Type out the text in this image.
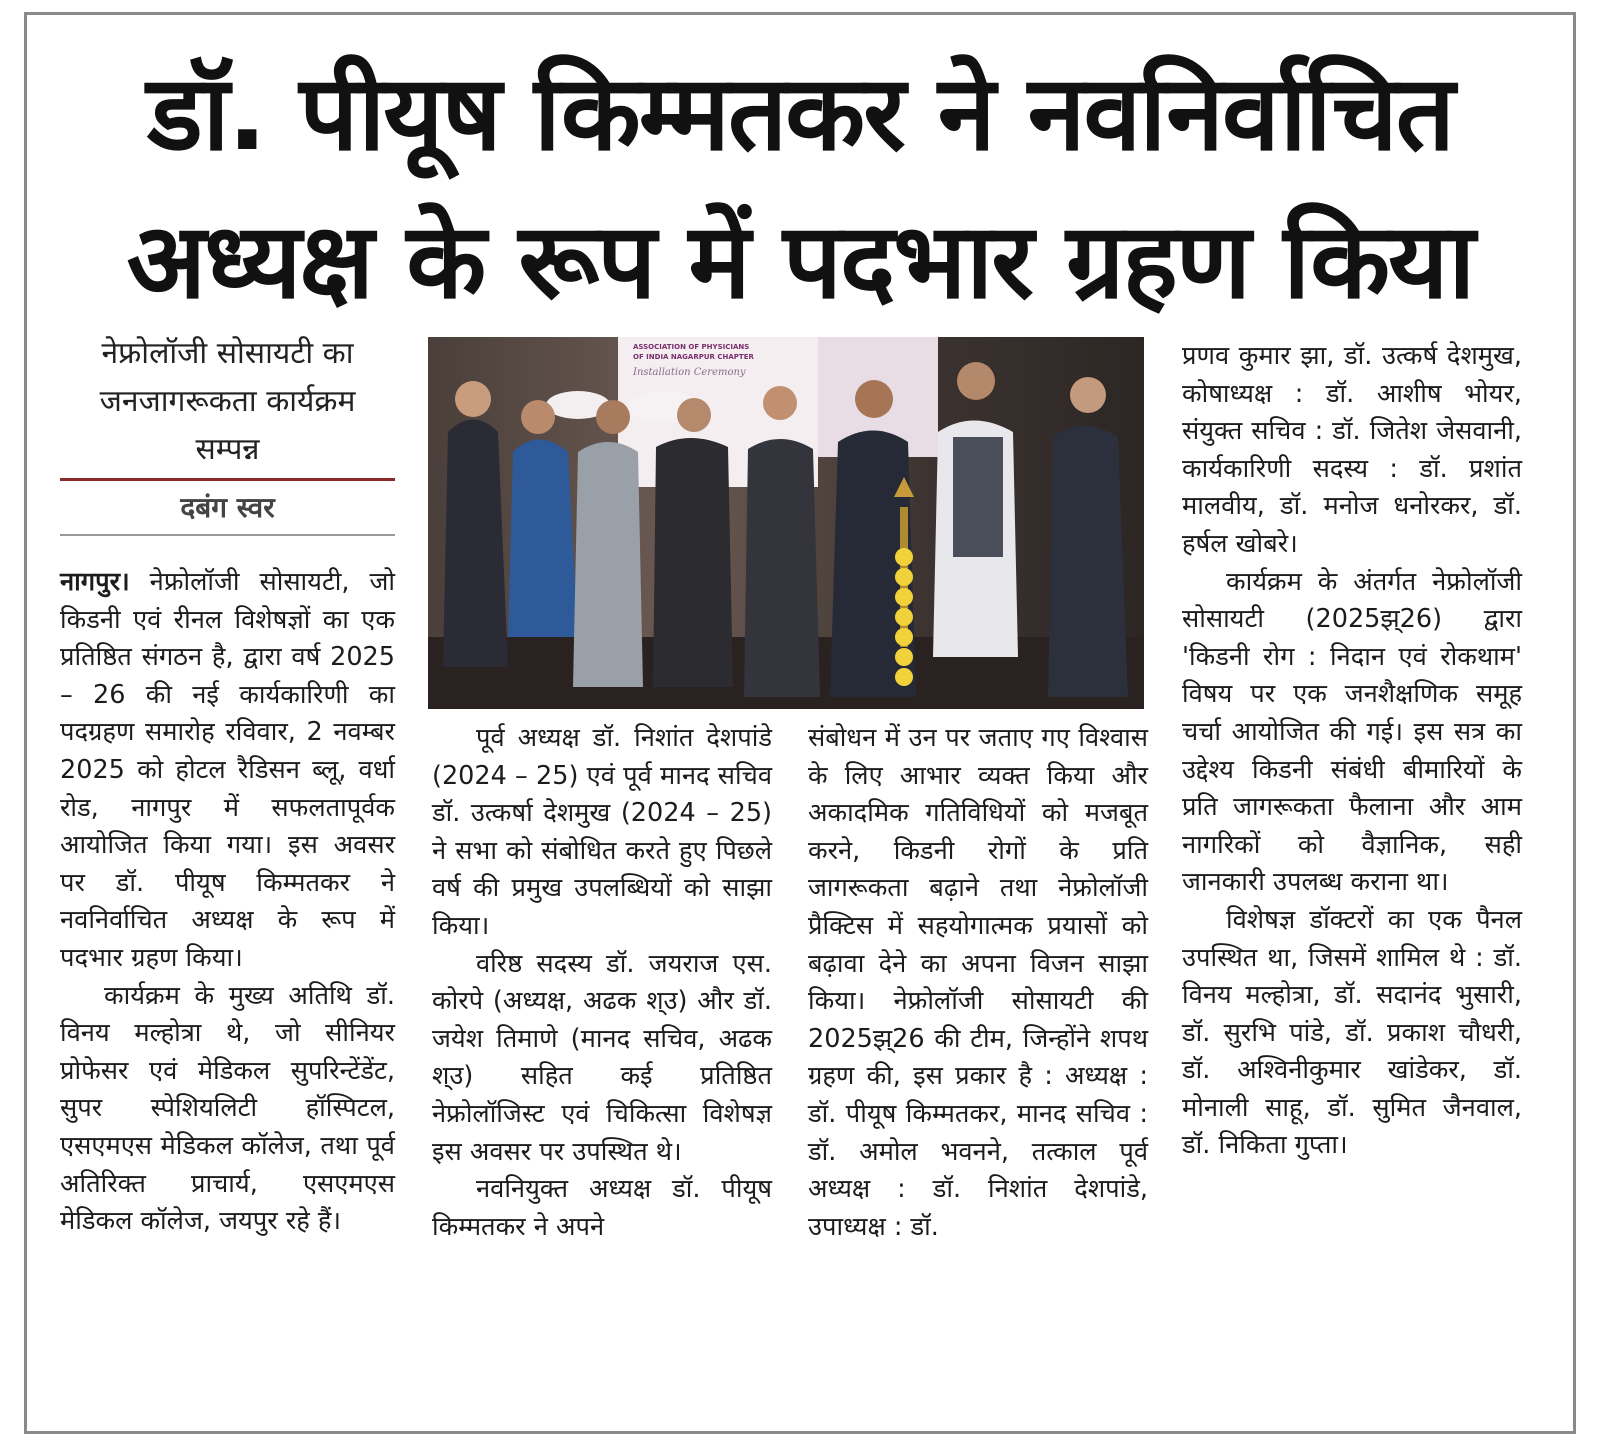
डॉ. पीयूष किम्मतकर ने नवनिर्वाचित
अध्यक्ष के रूप में पदभार ग्रहण किया
नेफ्रोलॉजी सोसायटी का
जनजागरूकता कार्यक्रम
सम्पन्न
दबंग स्वर
ASSOCIATION OF PHYSICIANS
OF INDIA NAGARPUR CHAPTER
Installation Ceremony

नागपुर। नेफ्रोलॉजी सोसायटी, जो किडनी एवं रीनल विशेषज्ञों का एक प्रतिष्ठित संगठन है, द्वारा वर्ष 2025 – 26 की नई कार्यकारिणी का पदग्रहण समारोह रविवार, 2 नवम्बर 2025 को होटल रैडिसन ब्लू, वर्धा रोड, नागपुर में सफलतापूर्वक आयोजित किया गया। इस अवसर पर डॉ. पीयूष किम्मतकर ने नवनिर्वाचित अध्यक्ष के रूप में पदभार ग्रहण किया।

कार्यक्रम के मुख्य अतिथि डॉ. विनय मल्होत्रा थे, जो सीनियर प्रोफेसर एवं मेडिकल सुपरिन्टेंडेंट, सुपर स्पेशियलिटी हॉस्पिटल, एसएमएस मेडिकल कॉलेज, तथा पूर्व अतिरिक्त प्राचार्य, एसएमएस मेडिकल कॉलेज, जयपुर रहे हैं।

पूर्व अध्यक्ष डॉ. निशांत देशपांडे (2024 – 25) एवं पूर्व मानद सचिव डॉ. उत्कर्षा देशमुख (2024 – 25) ने सभा को संबोधित करते हुए पिछले वर्ष की प्रमुख उपलब्धियों को साझा किया।

वरिष्ठ सदस्य डॉ. जयराज एस. कोरपे (अध्यक्ष, अढक श्उ) और डॉ. जयेश तिमाणे (मानद सचिव, अढक श्उ) सहित कई प्रतिष्ठित नेफ्रोलॉजिस्ट एवं चिकित्सा विशेषज्ञ इस अवसर पर उपस्थित थे।

नवनियुक्त अध्यक्ष डॉ. पीयूष किम्मतकर ने अपने

संबोधन में उन पर जताए गए विश्वास के लिए आभार व्यक्त किया और अकादमिक गतिविधियों को मजबूत करने, किडनी रोगों के प्रति जागरूकता बढ़ाने तथा नेफ्रोलॉजी प्रैक्टिस में सहयोगात्मक प्रयासों को बढ़ावा देने का अपना विजन साझा किया। नेफ्रोलॉजी सोसायटी की 2025झ्26 की टीम, जिन्होंने शपथ ग्रहण की, इस प्रकार है : अध्यक्ष : डॉ. पीयूष किम्मतकर, मानद सचिव : डॉ. अमोल भवनने, तत्काल पूर्व अध्यक्ष : डॉ. निशांत देशपांडे, उपाध्यक्ष : डॉ.

प्रणव कुमार झा, डॉ. उत्कर्ष देशमुख, कोषाध्यक्ष : डॉ. आशीष भोयर, संयुक्त सचिव : डॉ. जितेश जेसवानी, कार्यकारिणी सदस्य : डॉ. प्रशांत मालवीय, डॉ. मनोज धनोरकर, डॉ. हर्षल खोबरे।

कार्यक्रम के अंतर्गत नेफ्रोलॉजी सोसायटी (2025झ्26) द्वारा 'किडनी रोग : निदान एवं रोकथाम' विषय पर एक जनशैक्षणिक समूह चर्चा आयोजित की गई। इस सत्र का उद्देश्य किडनी संबंधी बीमारियों के प्रति जागरूकता फैलाना और आम नागरिकों को वैज्ञानिक, सही जानकारी उपलब्ध कराना था।

विशेषज्ञ डॉक्टरों का एक पैनल उपस्थित था, जिसमें शामिल थे : डॉ. विनय मल्होत्रा, डॉ. सदानंद भुसारी, डॉ. सुरभि पांडे, डॉ. प्रकाश चौधरी, डॉ. अश्विनीकुमार खांडेकर, डॉ. मोनाली साहू, डॉ. सुमित जैनवाल, डॉ. निकिता गुप्ता।
